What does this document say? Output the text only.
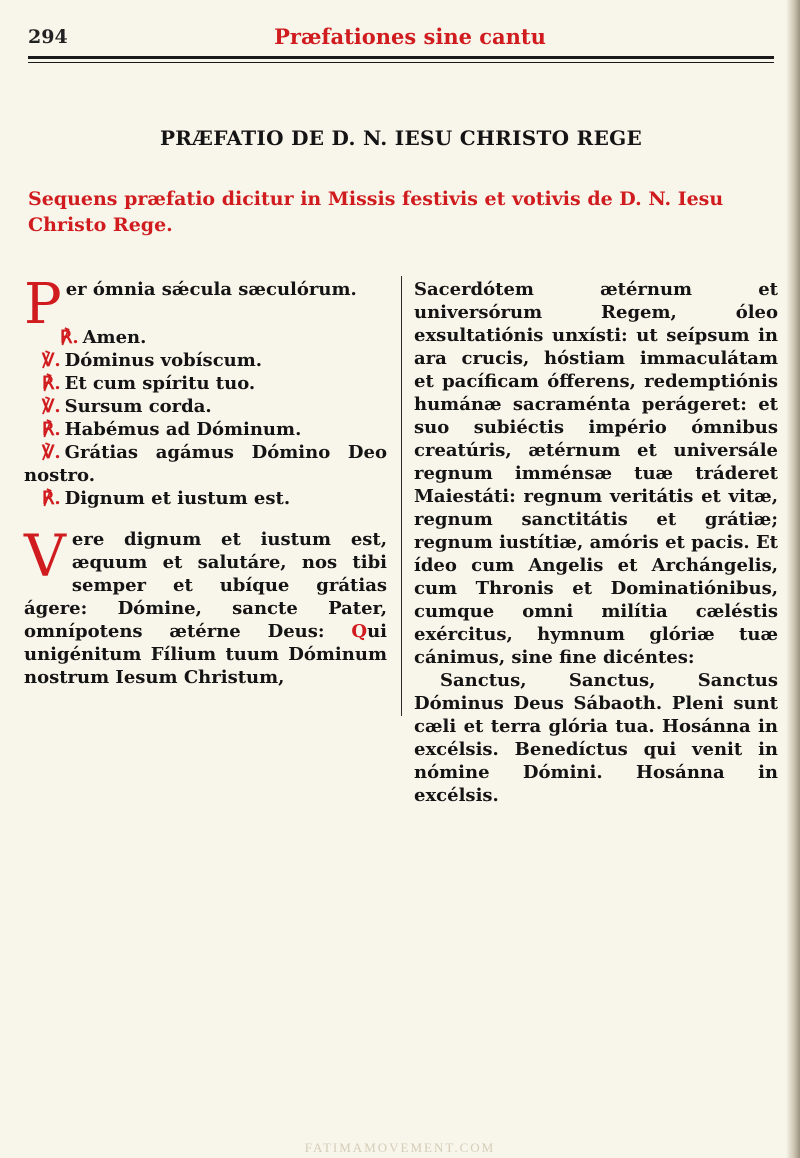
294	Præfationes sine cantu
PRÆFATIO DE D. N. IESU CHRISTO REGE
Sequens præfatio dicitur in Missis festivis et votivis de D. N. Iesu Christo Rege.

Per ómnia sǽcula sæculórum.

℟. Amen.

℣. Dóminus vobíscum.

℟. Et cum spíritu tuo.

℣. Sursum corda.

℟. Habémus ad Dóminum.

℣. Grátias agámus Dómino Deo nostro.

℟. Dignum et iustum est.

Vere dignum et iustum est, æquum et salutáre, nos tibi semper et ubíque grátias ágere: Dómine, sancte Pater, omnípotens ætérne Deus: Qui unigénitum Fílium tuum Dóminum nostrum Iesum Christum,

Sacerdótem ætérnum et universórum Regem, óleo exsultatiónis unxísti: ut seípsum in ara crucis, hóstiam immaculátam et pacíficam ófferens, redemptiónis humánæ sacraménta perágeret: et suo subiéctis império ómnibus creatúris, ætérnum et universále regnum imménsæ tuæ tráderet Maiestáti: regnum veritátis et vitæ, regnum sanctitátis et grátiæ; regnum iustítiæ, amóris et pacis. Et ídeo cum Angelis et Archángelis, cum Thronis et Dominatiónibus, cumque omni milítia cæléstis exércitus, hymnum glóriæ tuæ cánimus, sine fine dicéntes:

Sanctus, Sanctus, Sanctus Dóminus Deus Sábaoth. Pleni sunt cæli et terra glória tua. Hosánna in excélsis. Benedíctus qui venit in nómine Dómini. Hosánna in excélsis.

FATIMAMOVEMENT.COM
